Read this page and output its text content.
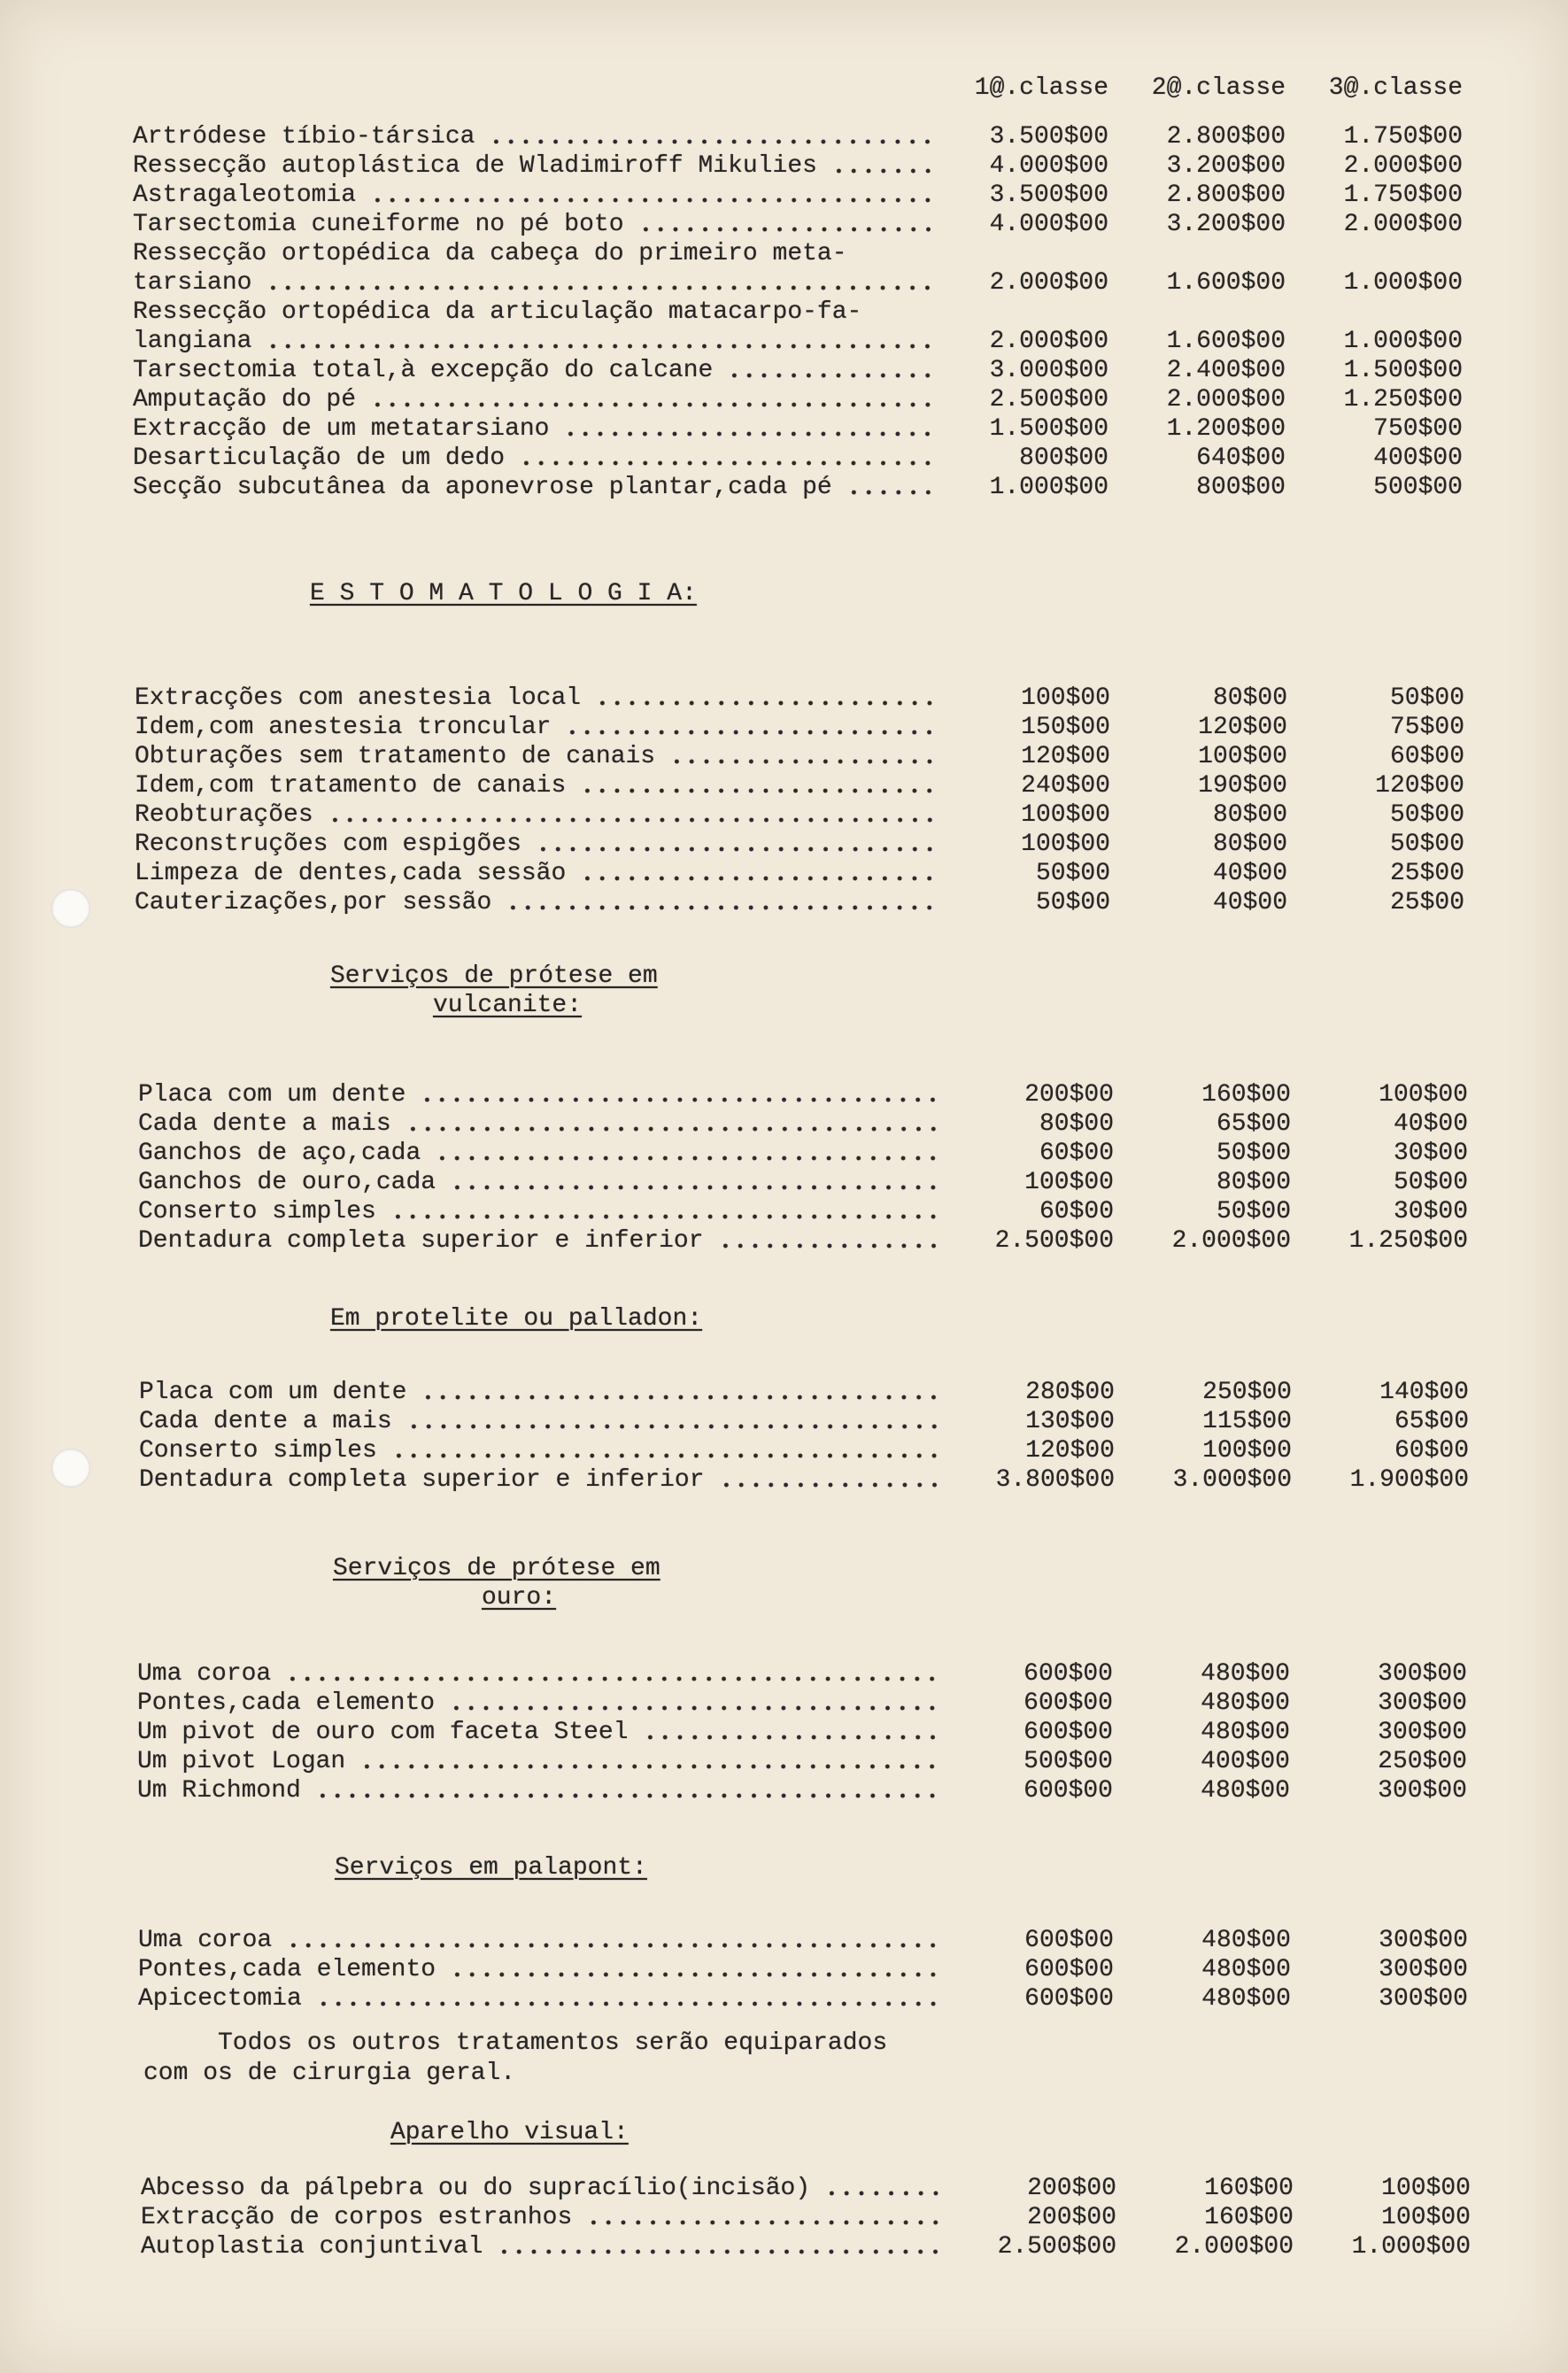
1@.classe	2@.classe	3@.classe
Artródese tíbio-társica	3.500$00	2.800$00	1.750$00
Ressecção autoplástica de Wladimiroff Mikulies	4.000$00	3.200$00	2.000$00
Astragaleotomia	3.500$00	2.800$00	1.750$00
Tarsectomia cuneiforme no pé boto	4.000$00	3.200$00	2.000$00
Ressecção ortopédica da cabeça do primeiro meta-
tarsiano	2.000$00	1.600$00	1.000$00
Ressecção ortopédica da articulação matacarpo-fa-
langiana	2.000$00	1.600$00	1.000$00
Tarsectomia total,à excepção do calcane	3.000$00	2.400$00	1.500$00
Amputação do pé	2.500$00	2.000$00	1.250$00
Extracção de um metatarsiano	1.500$00	1.200$00	750$00
Desarticulação de um dedo	800$00	640$00	400$00
Secção subcutânea da aponevrose plantar,cada pé	1.000$00	800$00	500$00
E S T O M A T O L O G I A:
Extracções com anestesia local	100$00	80$00	50$00
Idem,com anestesia troncular	150$00	120$00	75$00
Obturações sem tratamento de canais	120$00	100$00	60$00
Idem,com tratamento de canais	240$00	190$00	120$00
Reobturações	100$00	80$00	50$00
Reconstruções com espigões	100$00	80$00	50$00
Limpeza de dentes,cada sessão	50$00	40$00	25$00
Cauterizações,por sessão	50$00	40$00	25$00
Serviços de prótese em
vulcanite:
Placa com um dente	200$00	160$00	100$00
Cada dente a mais	80$00	65$00	40$00
Ganchos de aço,cada	60$00	50$00	30$00
Ganchos de ouro,cada	100$00	80$00	50$00
Conserto simples	60$00	50$00	30$00
Dentadura completa superior e inferior	2.500$00	2.000$00	1.250$00
Em protelite ou palladon:
Placa com um dente	280$00	250$00	140$00
Cada dente a mais	130$00	115$00	65$00
Conserto simples	120$00	100$00	60$00
Dentadura completa superior e inferior	3.800$00	3.000$00	1.900$00
Serviços de prótese em
ouro:
Uma coroa	600$00	480$00	300$00
Pontes,cada elemento	600$00	480$00	300$00
Um pivot de ouro com faceta Steel	600$00	480$00	300$00
Um pivot Logan	500$00	400$00	250$00
Um Richmond	600$00	480$00	300$00
Serviços em palapont:
Uma coroa	600$00	480$00	300$00
Pontes,cada elemento	600$00	480$00	300$00
Apicectomia	600$00	480$00	300$00
Todos os outros tratamentos serão equiparados
com os de cirurgia geral.
Aparelho visual:
Abcesso da pálpebra ou do supracílio(incisão)	200$00	160$00	100$00
Extracção de corpos estranhos	200$00	160$00	100$00
Autoplastia conjuntival	2.500$00	2.000$00	1.000$00
